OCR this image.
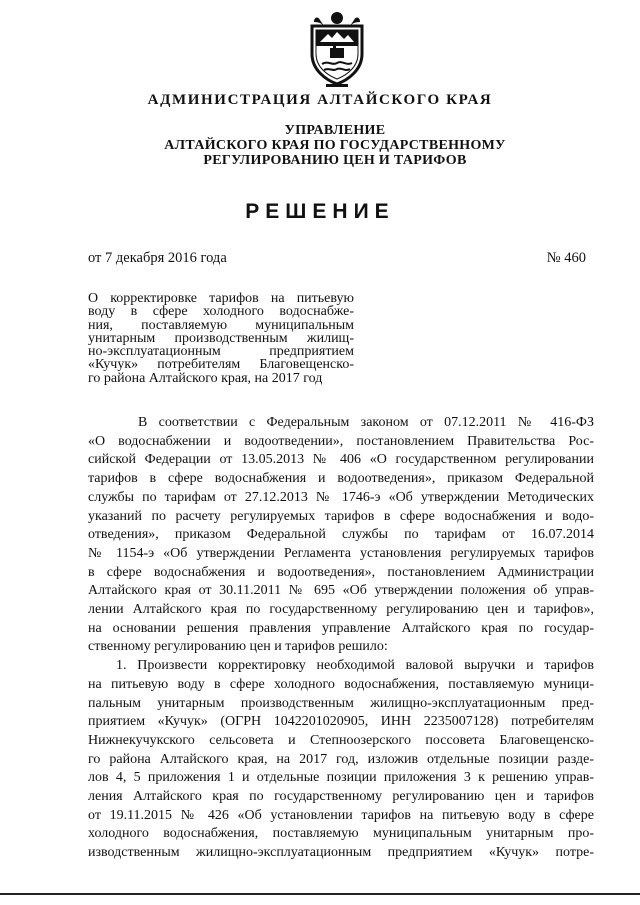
АДМИНИСТРАЦИЯ АЛТАЙСКОГО КРАЯ
УПРАВЛЕНИЕ
АЛТАЙСКОГО КРАЯ ПО ГОСУДАРСТВЕННОМУ
РЕГУЛИРОВАНИЮ ЦЕН И ТАРИФОВ
РЕШЕНИЕ
от 7 декабря 2016 года	№ 460
О корректировке тарифов на питьевую
воду в сфере холодного водоснабже-
ния, поставляемую муниципальным
унитарным производственным жилищ-
но-эксплуатационным предприятием
«Кучук» потребителям Благовещенско-
го района Алтайского края, на 2017 год
В соответствии с Федеральным законом от 07.12.2011 № 416-ФЗ
«О водоснабжении и водоотведении», постановлением Правительства Рос-
сийской Федерации от 13.05.2013 № 406 «О государственном регулировании
тарифов в сфере водоснабжения и водоотведения», приказом Федеральной
службы по тарифам от 27.12.2013 № 1746-э «Об утверждении Методических
указаний по расчету регулируемых тарифов в сфере водоснабжения и водо-
отведения», приказом Федеральной службы по тарифам от 16.07.2014
№ 1154-э «Об утверждении Регламента установления регулируемых тарифов
в сфере водоснабжения и водоотведения», постановлением Администрации
Алтайского края от 30.11.2011 № 695 «Об утверждении положения об управ-
лении Алтайского края по государственному регулированию цен и тарифов»,
на основании решения правления управление Алтайского края по государ-
ственному регулированию цен и тарифов решило:
1. Произвести корректировку необходимой валовой выручки и тарифов
на питьевую воду в сфере холодного водоснабжения, поставляемую муници-
пальным унитарным производственным жилищно-эксплуатационным пред-
приятием «Кучук» (ОГРН 1042201020905, ИНН 2235007128) потребителям
Нижнекучукского сельсовета и Степноозерского поссовета Благовещенско-
го района Алтайского края, на 2017 год, изложив отдельные позиции разде-
лов 4, 5 приложения 1 и отдельные позиции приложения 3 к решению управ-
ления Алтайского края по государственному регулированию цен и тарифов
от 19.11.2015 № 426 «Об установлении тарифов на питьевую воду в сфере
холодного водоснабжения, поставляемую муниципальным унитарным про-
изводственным жилищно-эксплуатационным предприятием «Кучук» потре-
